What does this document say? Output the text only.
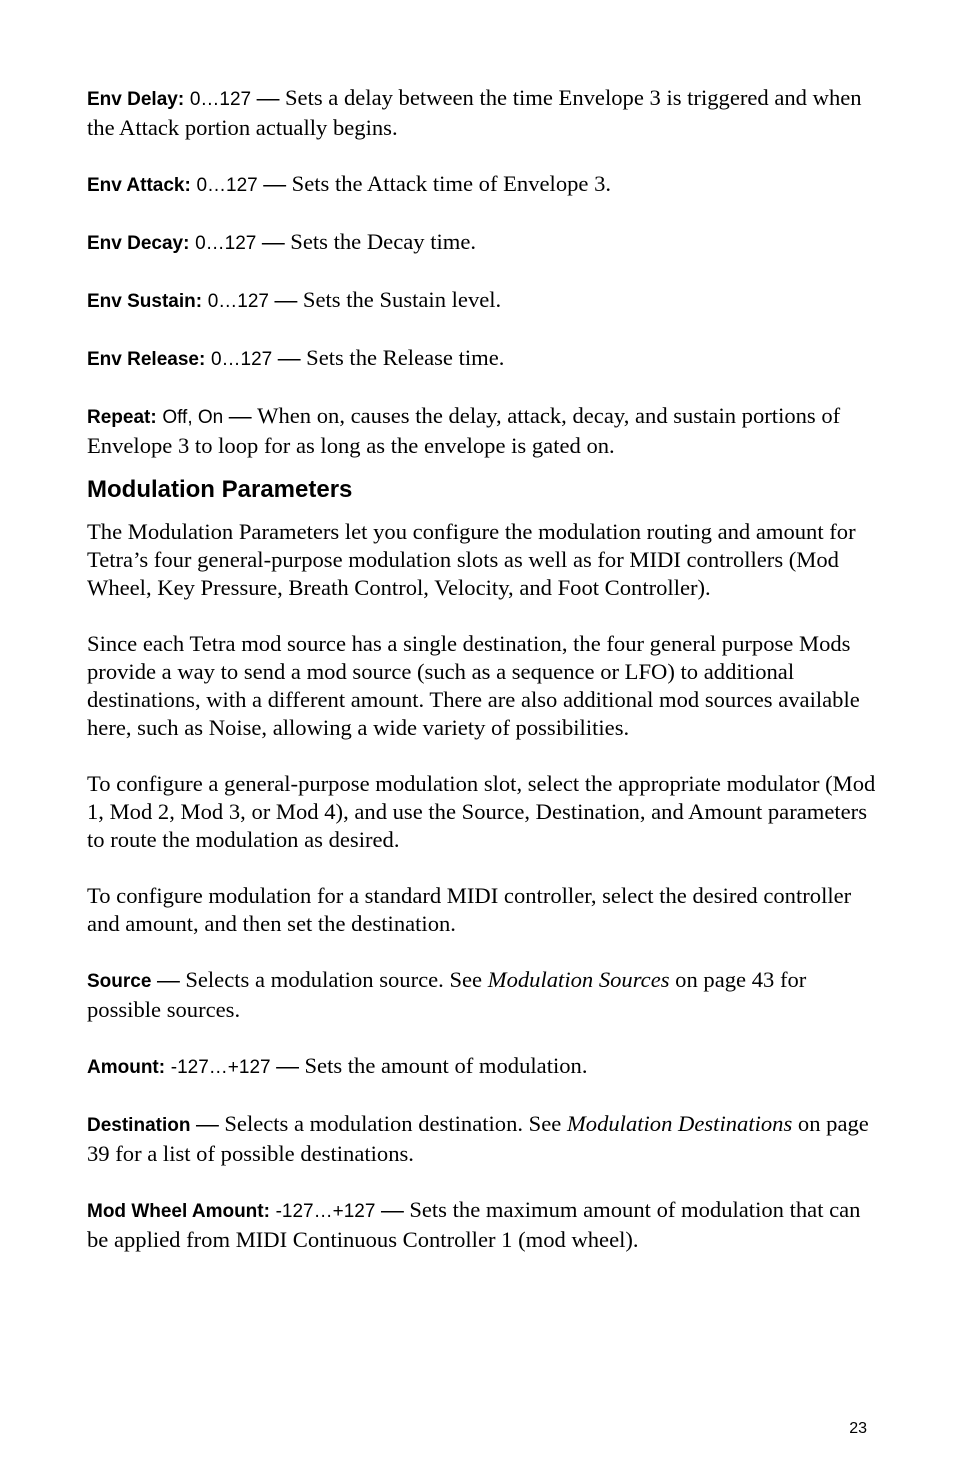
Env Delay: 0…127 — Sets a delay between the time Envelope 3 is triggered and when the Attack portion actually begins.

Env Attack: 0…127 — Sets the Attack time of Envelope 3.

Env Decay: 0…127 — Sets the Decay time.

Env Sustain: 0…127 — Sets the Sustain level.

Env Release: 0…127 — Sets the Release time.

Repeat: Off, On — When on, causes the delay, attack, decay, and sustain portions of Envelope 3 to loop for as long as the envelope is gated on.

Modulation Parameters

The Modulation Parameters let you configure the modulation routing and amount for Tetra’s four general-purpose modulation slots as well as for MIDI controllers (Mod Wheel, Key Pressure, Breath Control, Velocity, and Foot Controller).

Since each Tetra mod source has a single destination, the four general purpose Mods provide a way to send a mod source (such as a sequence or LFO) to additional destinations, with a different amount. There are also additional mod sources available here, such as Noise, allowing a wide variety of possibilities.

To configure a general-purpose modulation slot, select the appropriate modulator (Mod 1, Mod 2, Mod 3, or Mod 4), and use the Source, Destination, and Amount parameters to route the modulation as desired.

To configure modulation for a standard MIDI controller, select the desired controller and amount, and then set the destination.

Source — Selects a modulation source. See Modulation Sources on page 43 for possible sources.

Amount: -127…+127 — Sets the amount of modulation.

Destination — Selects a modulation destination. See Modulation Destinations on page 39 for a list of possible destinations.

Mod Wheel Amount: -127…+127 — Sets the maximum amount of modulation that can be applied from MIDI Continuous Controller 1 (mod wheel).

23
